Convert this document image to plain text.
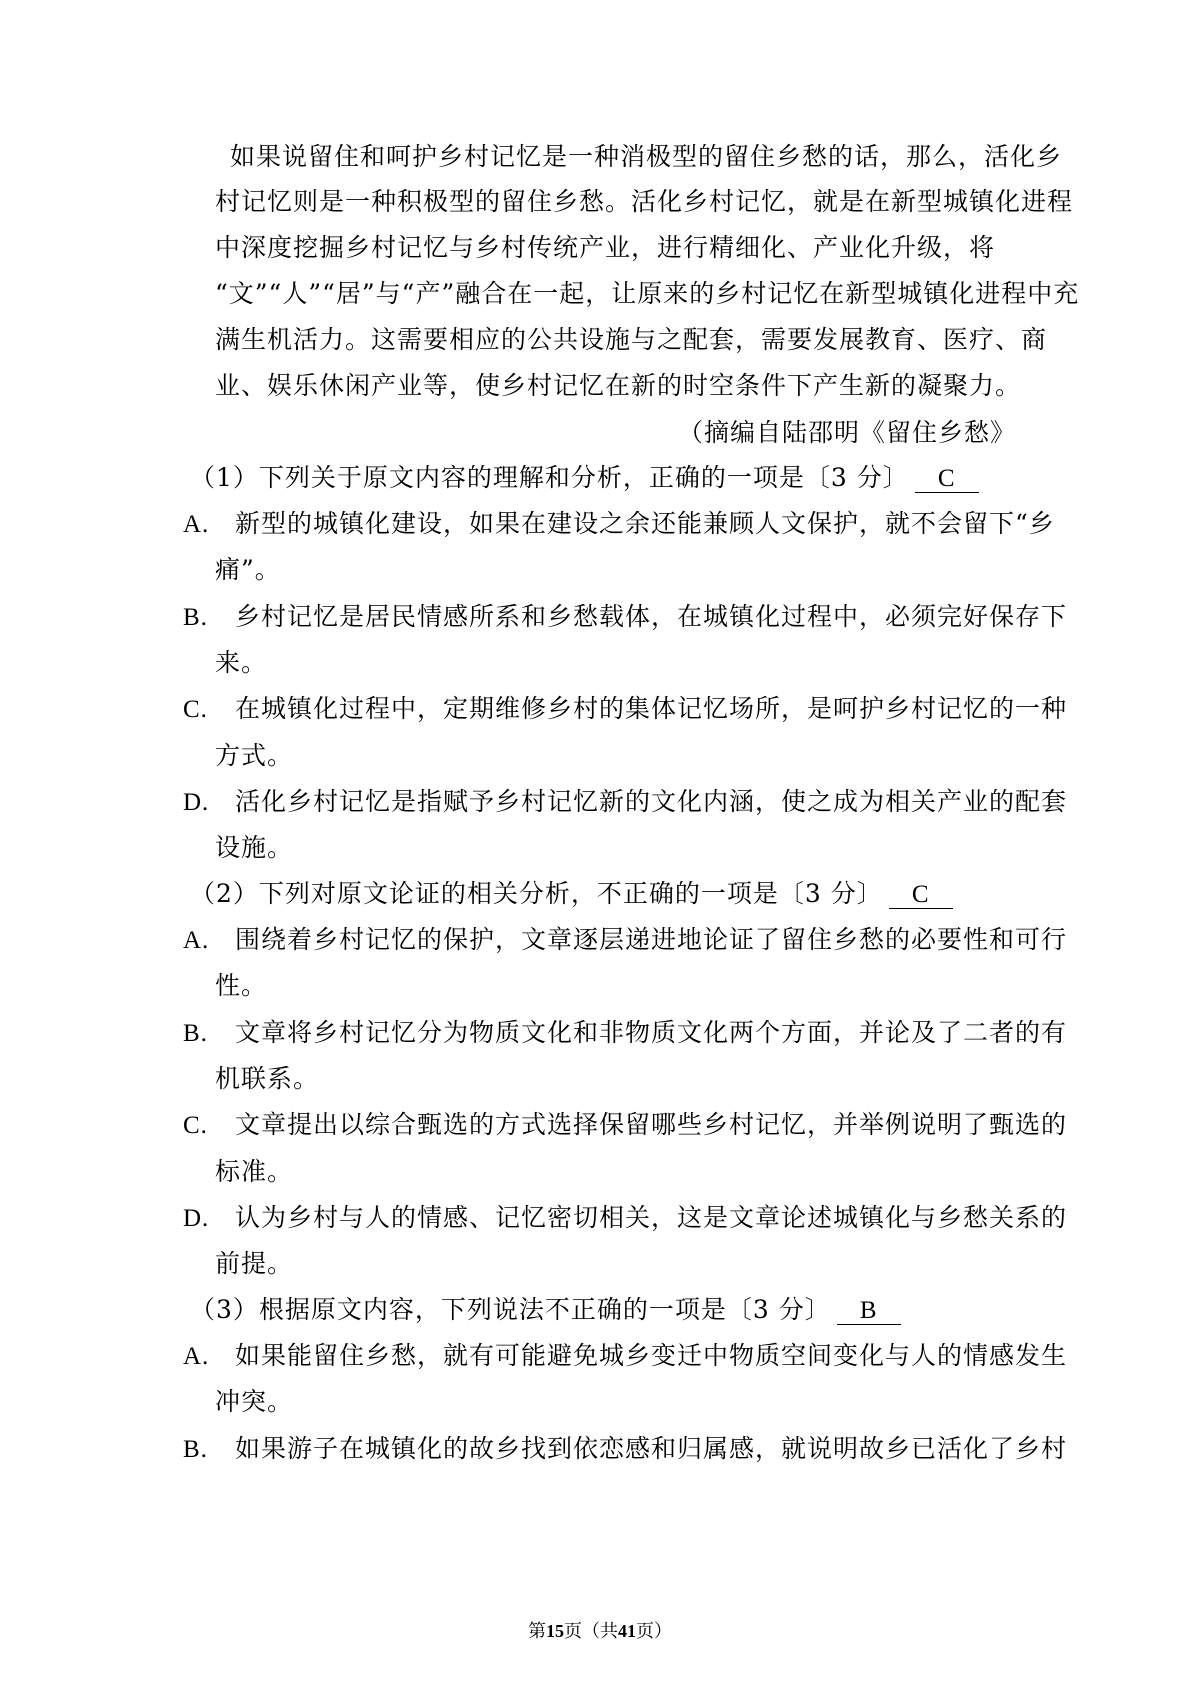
如果说留住和呵护乡村记忆是一种消极型的留住乡愁的话，那么，活化乡
村记忆则是一种积极型的留住乡愁。活化乡村记忆，就是在新型城镇化进程
中深度挖掘乡村记忆与乡村传统产业，进行精细化、产业化升级，将
“文”“人”“居”与“产”融合在一起，让原来的乡村记忆在新型城镇化进程中充
满生机活力。这需要相应的公共设施与之配套，需要发展教育、医疗、商
业、娱乐休闲产业等，使乡村记忆在新的时空条件下产生新的凝聚力。
（摘编自陆邵明《留住乡愁》
（1）下列关于原文内容的理解和分析，正确的一项是〔3 分〕 C
A. 新型的城镇化建设，如果在建设之余还能兼顾人文保护，就不会留下“乡
痛”。
B. 乡村记忆是居民情感所系和乡愁载体，在城镇化过程中，必须完好保存下
来。
C. 在城镇化过程中，定期维修乡村的集体记忆场所，是呵护乡村记忆的一种
方式。
D. 活化乡村记忆是指赋予乡村记忆新的文化内涵，使之成为相关产业的配套
设施。
（2）下列对原文论证的相关分析，不正确的一项是〔3 分〕 C
A. 围绕着乡村记忆的保护，文章逐层递进地论证了留住乡愁的必要性和可行
性。
B. 文章将乡村记忆分为物质文化和非物质文化两个方面，并论及了二者的有
机联系。
C. 文章提出以综合甄选的方式选择保留哪些乡村记忆，并举例说明了甄选的
标准。
D. 认为乡村与人的情感、记忆密切相关，这是文章论述城镇化与乡愁关系的
前提。
（3）根据原文内容，下列说法不正确的一项是〔3 分〕 B
A. 如果能留住乡愁，就有可能避免城乡变迁中物质空间变化与人的情感发生
冲突。
B. 如果游子在城镇化的故乡找到依恋感和归属感，就说明故乡已活化了乡村
第15页（共41页）
